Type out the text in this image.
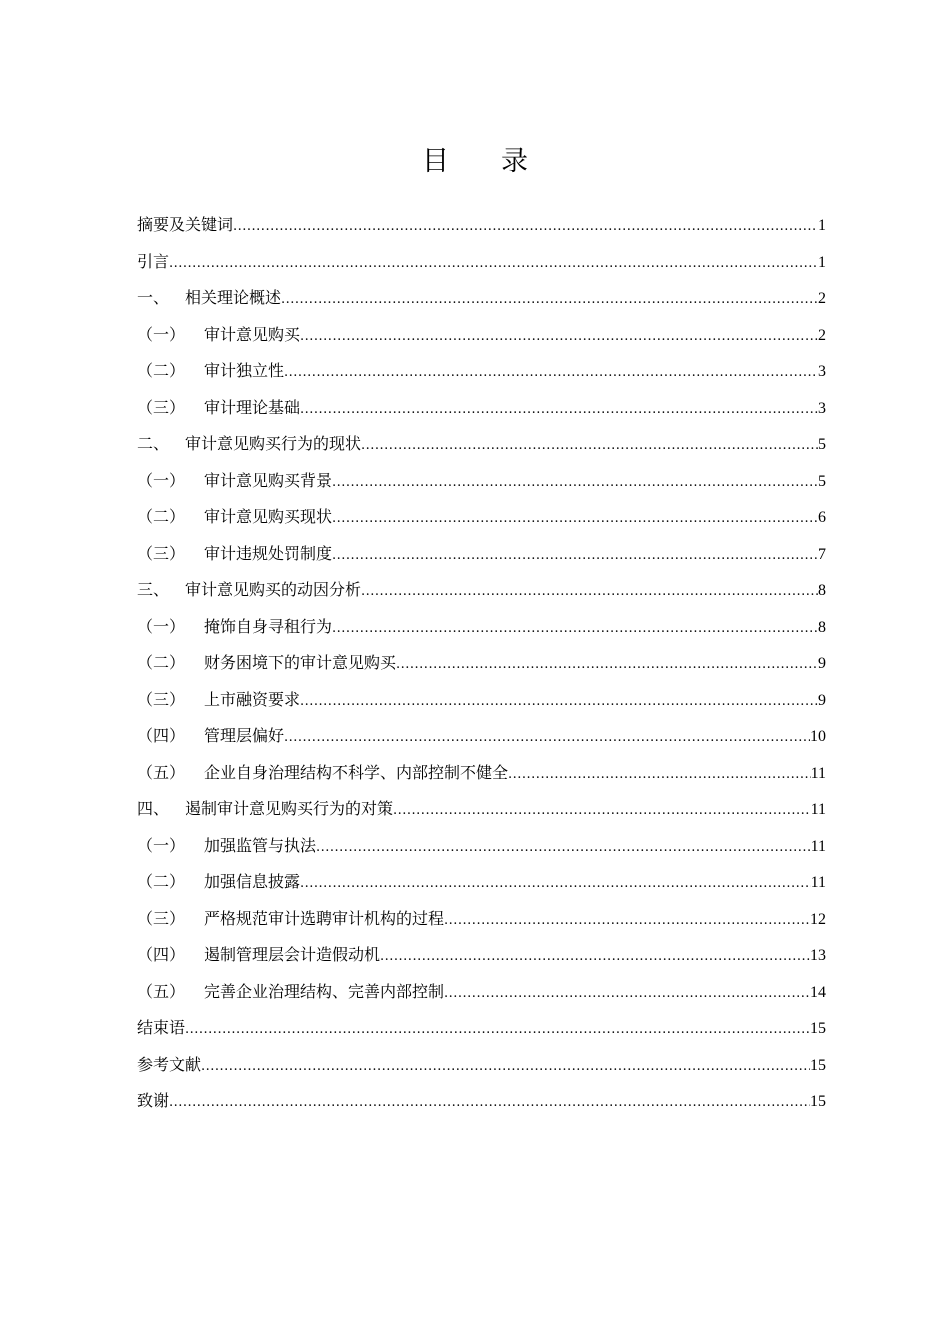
目录
摘要及关键词 .....	1
引言 .....	1
一、 相关理论概述 .....	2
（一）	审计意见购买 .....	2
（二）	审计独立性 .....	3
（三）	审计理论基础 .....	3
二、 审计意见购买行为的现状 .....	5
（一）	审计意见购买背景 .....	5
（二）	审计意见购买现状 .....	6
（三）	审计违规处罚制度 .....	7
三、 审计意见购买的动因分析 .....	8
（一）	掩饰自身寻租行为 .....	8
（二）	财务困境下的审计意见购买 .....	9
（三）	上市融资要求 .....	9
（四）	管理层偏好 .....	10
（五）	企业自身治理结构不科学、内部控制不健全 .....	11
四、 遏制审计意见购买行为的对策 .....	11
（一）	加强监管与执法 .....	11
（二）	加强信息披露 .....	11
（三）	严格规范审计选聘审计机构的过程 .....	12
（四）	遏制管理层会计造假动机 .....	13
（五）	完善企业治理结构、完善内部控制 .....	14
结束语 .....	15
参考文献 .....	15
致谢 .....	15
